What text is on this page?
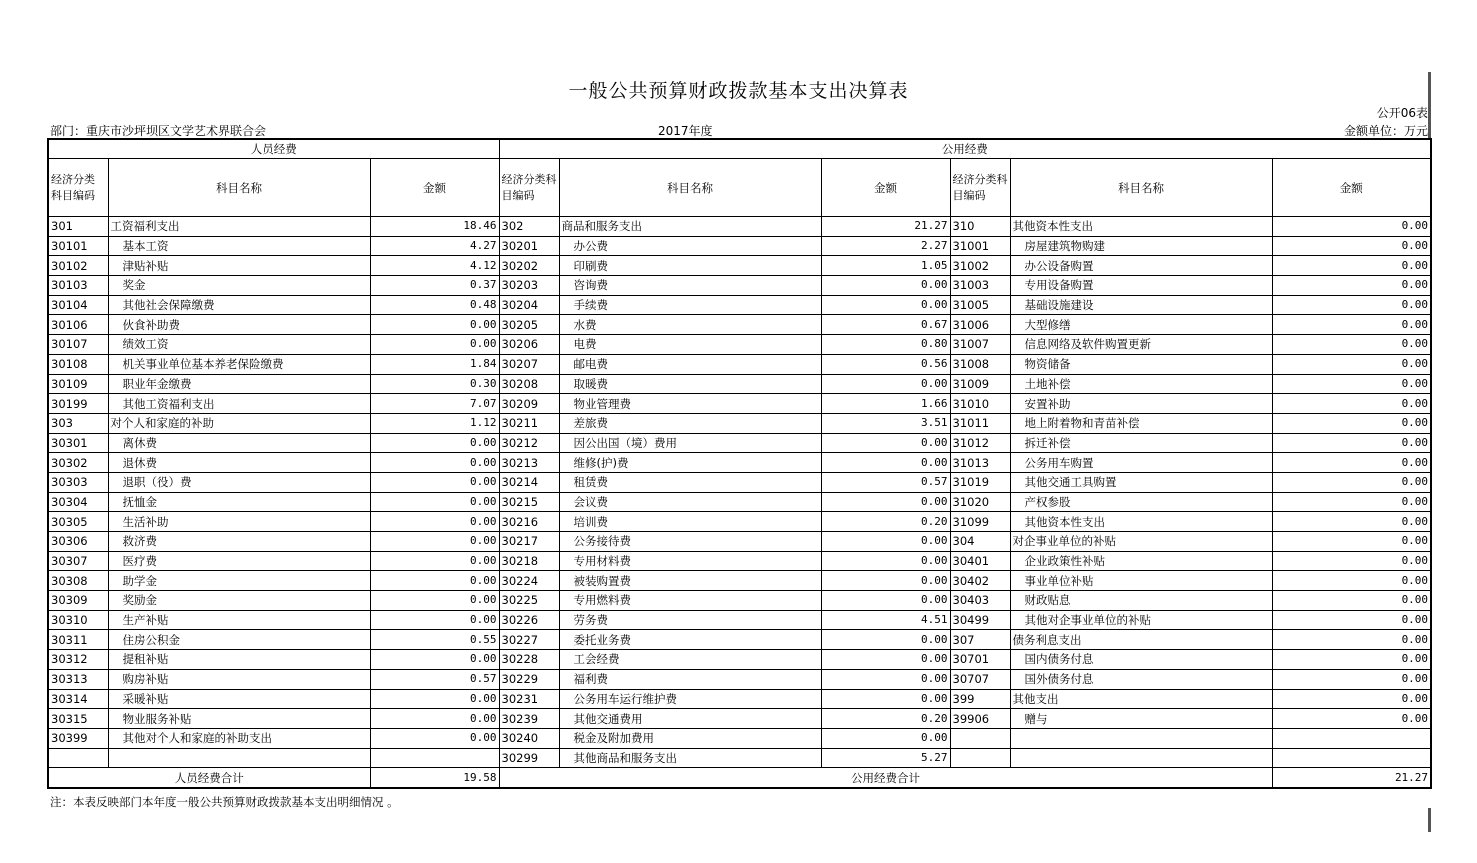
一般公共预算财政拨款基本支出决算表
公开06表
部门：重庆市沙坪坝区文学艺术界联合会	2017年度	金额单位：万元
人员经费			公用经费					
经济分类科目编码	科目名称	金额	经济分类科目编码	科目名称	金额	经济分类科目编码	科目名称	金额
301	工资福利支出	18.46	302	商品和服务支出	21.27	310	其他资本性支出	0.00
30101	基本工资	4.27	30201	办公费	2.27	31001	房屋建筑物购建	0.00
30102	津贴补贴	4.12	30202	印刷费	1.05	31002	办公设备购置	0.00
30103	奖金	0.37	30203	咨询费	0.00	31003	专用设备购置	0.00
30104	其他社会保障缴费	0.48	30204	手续费	0.00	31005	基础设施建设	0.00
30106	伙食补助费	0.00	30205	水费	0.67	31006	大型修缮	0.00
30107	绩效工资	0.00	30206	电费	0.80	31007	信息网络及软件购置更新	0.00
30108	机关事业单位基本养老保险缴费	1.84	30207	邮电费	0.56	31008	物资储备	0.00
30109	职业年金缴费	0.30	30208	取暖费	0.00	31009	土地补偿	0.00
30199	其他工资福利支出	7.07	30209	物业管理费	1.66	31010	安置补助	0.00
303	对个人和家庭的补助	1.12	30211	差旅费	3.51	31011	地上附着物和青苗补偿	0.00
30301	离休费	0.00	30212	因公出国（境）费用	0.00	31012	拆迁补偿	0.00
30302	退休费	0.00	30213	维修(护)费	0.00	31013	公务用车购置	0.00
30303	退职（役）费	0.00	30214	租赁费	0.57	31019	其他交通工具购置	0.00
30304	抚恤金	0.00	30215	会议费	0.00	31020	产权参股	0.00
30305	生活补助	0.00	30216	培训费	0.20	31099	其他资本性支出	0.00
30306	救济费	0.00	30217	公务接待费	0.00	304	对企事业单位的补贴	0.00
30307	医疗费	0.00	30218	专用材料费	0.00	30401	企业政策性补贴	0.00
30308	助学金	0.00	30224	被装购置费	0.00	30402	事业单位补贴	0.00
30309	奖励金	0.00	30225	专用燃料费	0.00	30403	财政贴息	0.00
30310	生产补贴	0.00	30226	劳务费	4.51	30499	其他对企事业单位的补贴	0.00
30311	住房公积金	0.55	30227	委托业务费	0.00	307	债务利息支出	0.00
30312	提租补贴	0.00	30228	工会经费	0.00	30701	国内债务付息	0.00
30313	购房补贴	0.57	30229	福利费	0.00	30707	国外债务付息	0.00
30314	采暖补贴	0.00	30231	公务用车运行维护费	0.00	399	其他支出	0.00
30315	物业服务补贴	0.00	30239	其他交通费用	0.20	39906	赠与	0.00
30399	其他对个人和家庭的补助支出	0.00	30240	税金及附加费用	0.00			
			30299	其他商品和服务支出	5.27			
人员经费合计		19.58	公用经费合计					21.27
注：本表反映部门本年度一般公共预算财政拨款基本支出明细情况 。
